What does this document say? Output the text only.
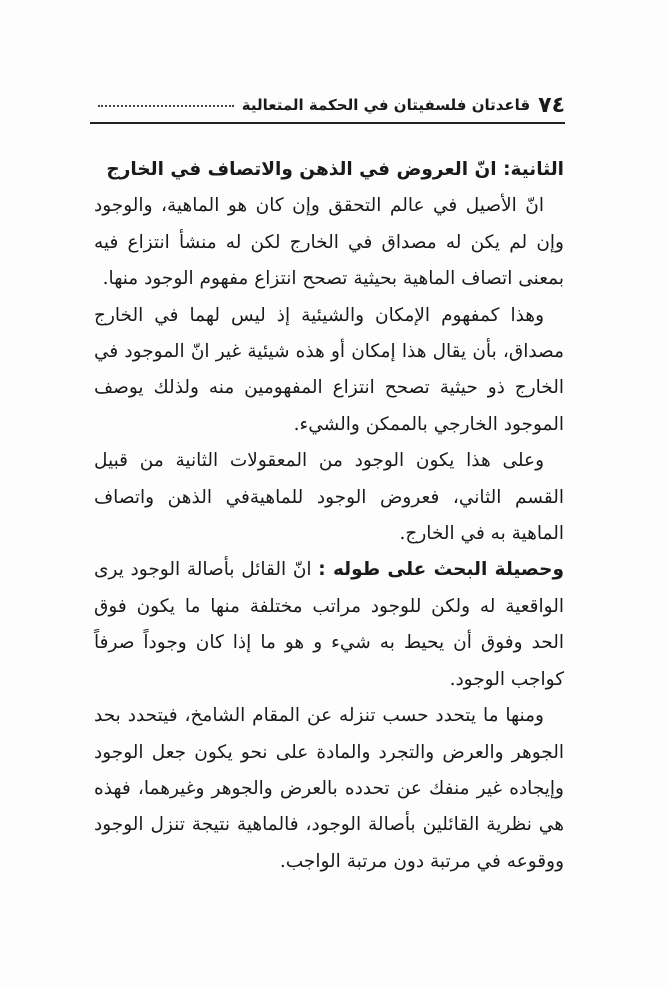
٧٤
قاعدتان فلسفيتان في الحكمة المتعالية

الثانية: انّ العروض في الذهن والاتصاف في الخارج

انّ الأصيل في عالم التحقق وإن كان هو الماهية، والوجود وإن لم يكن له مصداق في الخارج لكن له منشأ انتزاع فيه بمعنى اتصاف الماهية بحيثية تصحح انتزاع مفهوم الوجود منها.

وهذا كمفهوم الإمكان والشيئية إذ ليس لهما في الخارج مصداق، بأن يقال هذا إمكان أو هذه شيئية غير انّ الموجود في الخارج ذو حيثية تصحح انتزاع المفهومين منه ولذلك يوصف الموجود الخارجي بالممكن والشيء.

وعلى هذا يكون الوجود من المعقولات الثانية من قبيل القسم الثاني، فعروض الوجود للماهيةفي الذهن واتصاف الماهية به في الخارج.

وحصيلة البحث على طوله : انّ القائل بأصالة الوجود يرى الواقعية له ولكن للوجود مراتب مختلفة منها ما يكون فوق الحد وفوق أن يحيط به شيء و هو ما إذا كان وجوداً صرفاً كواجب الوجود.

ومنها ما يتحدد حسب تنزله عن المقام الشامخ، فيتحدد بحد الجوهر والعرض والتجرد والمادة على نحو يكون جعل الوجود وإيجاده غير منفك عن تحدده بالعرض والجوهر وغيرهما، فهذه هي نظرية القائلين بأصالة الوجود، فالماهية نتيجة تنزل الوجود ووقوعه في مرتبة دون مرتبة الواجب.
